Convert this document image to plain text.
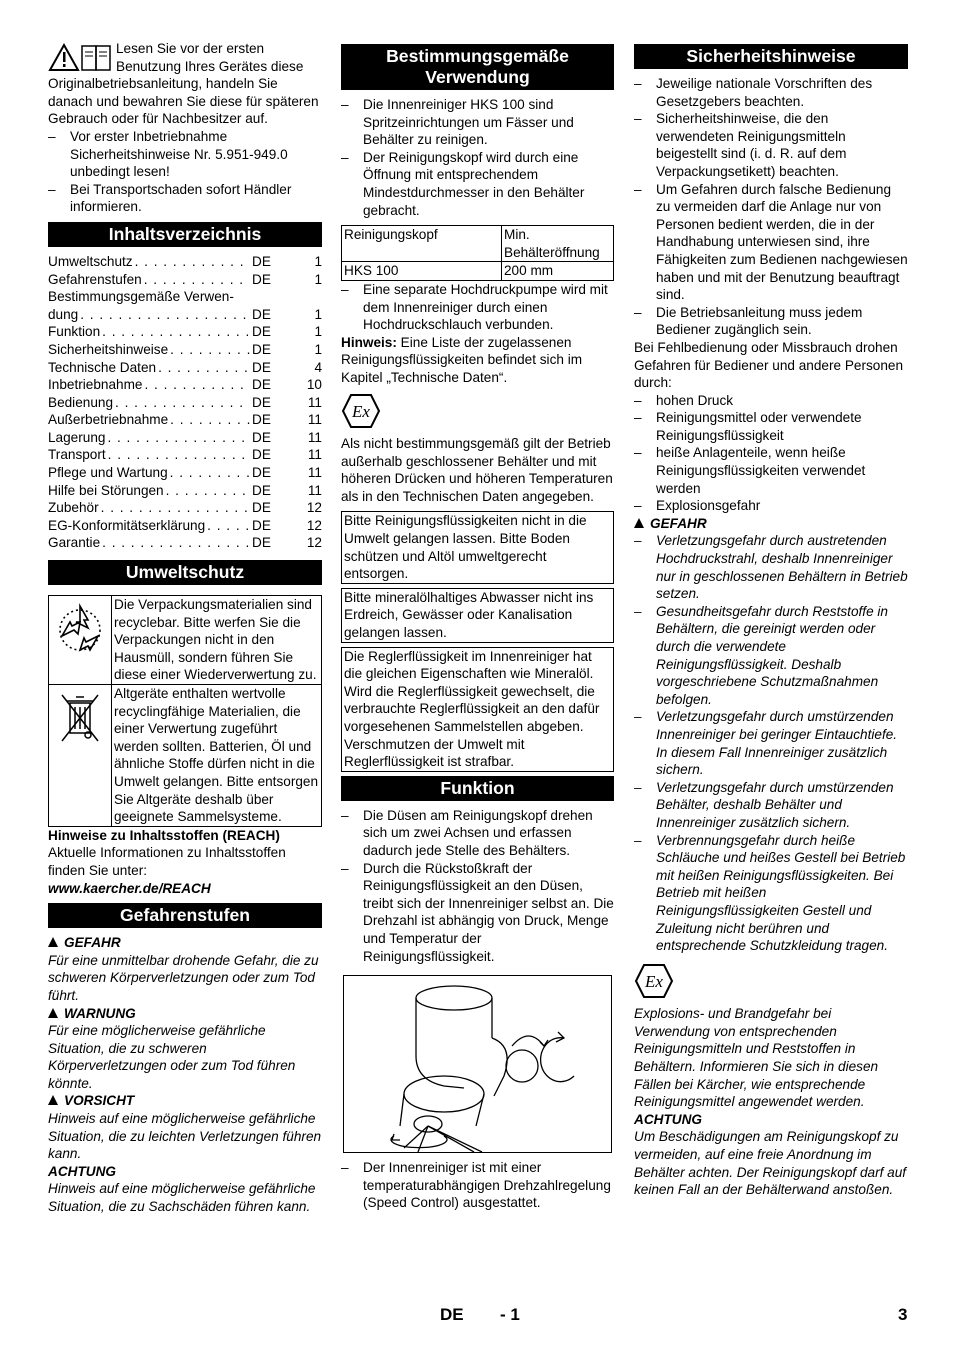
Lesen Sie vor der ersten Benutzung Ihres Gerätes diese Originalbetriebsanleitung, handeln Sie danach und bewahren Sie diese für späteren Gebrauch oder für Nachbesitzer auf.

– Vor erster Inbetriebnahme Sicherheitshinweise Nr. 5.951-949.0 unbedingt lesen!
– Bei Transportschaden sofort Händler informieren.
Inhaltsverzeichnis
Umweltschutz . . .	DE	1
Gefahrenstufen . . .	DE	1
Bestimmungsgemäße Verwen-
dung . . .	DE	1
Funktion . . .	DE	1
Sicherheitshinweise . . .	DE	1
Technische Daten . . .	DE	4
Inbetriebnahme . . .	DE	10
Bedienung . . .	DE	11
Außerbetriebnahme . . .	DE	11
Lagerung . . .	DE	11
Transport . . .	DE	11
Pflege und Wartung . . .	DE	11
Hilfe bei Störungen . . .	DE	11
Zubehör . . .	DE	12
EG-Konformitätserklärung . . .	DE	12
Garantie . . .	DE	12
Umweltschutz
Die Verpackungsmaterialien sind recyclebar. Bitte werfen Sie die Verpackungen nicht in den Hausmüll, sondern führen Sie diese einer Wiederverwertung zu.
Altgeräte enthalten wertvolle recyclingfähige Materialien, die einer Verwertung zugeführt werden sollten. Batterien, Öl und ähnliche Stoffe dürfen nicht in die Umwelt gelangen. Bitte entsorgen Sie Altgeräte deshalb über geeignete Sammelsysteme.

Hinweise zu Inhaltsstoffen (REACH)

Aktuelle Informationen zu Inhaltsstoffen finden Sie unter:

www.kaercher.de/REACH

Gefahrenstufen

GEFAHR

Für eine unmittelbar drohende Gefahr, die zu schweren Körperverletzungen oder zum Tod führt.

WARNUNG

Für eine möglicherweise gefährliche Situation, die zu schweren Körperverletzungen oder zum Tod führen könnte.

VORSICHT

Hinweis auf eine möglicherweise gefährliche Situation, die zu leichten Verletzungen führen kann.

ACHTUNG

Hinweis auf eine möglicherweise gefährliche Situation, die zu Sachschäden führen kann.

Bestimmungsgemäße
Verwendung
– Die Innenreiniger HKS 100 sind Spritzeinrichtungen um Fässer und Behälter zu reinigen.
– Der Reinigungskopf wird durch eine Öffnung mit entsprechendem Mindestdurchmesser in den Behälter gebracht.
Reinigungskopf	Min. Behälteröffnung
HKS 100	200 mm
– Eine separate Hochdruckpumpe wird mit dem Innenreiniger durch einen Hochdruckschlauch verbunden.

Hinweis: Eine Liste der zugelassenen Reinigungsflüssigkeiten befindet sich im Kapitel „Technische Daten“.

Ex

Als nicht bestimmungsgemäß gilt der Betrieb außerhalb geschlossener Behälter und mit höheren Drücken und höheren Temperaturen als in den Technischen Daten angegeben.

Bitte Reinigungsflüssigkeiten nicht in die Umwelt gelangen lassen. Bitte Boden schützen und Altöl umweltgerecht entsorgen.
Bitte mineralölhaltiges Abwasser nicht ins Erdreich, Gewässer oder Kanalisation gelangen lassen.
Die Reglerflüssigkeit im Innenreiniger hat die gleichen Eigenschaften wie Mineralöl. Wird die Reglerflüssigkeit gewechselt, die verbrauchte Reglerflüssigkeit an den dafür vorgesehenen Sammelstellen abgeben. Verschmutzen der Umwelt mit Reglerflüssigkeit ist strafbar.
Funktion
– Die Düsen am Reinigungskopf drehen sich um zwei Achsen und erfassen dadurch jede Stelle des Behälters.
– Durch die Rückstoßkraft der Reinigungsflüssigkeit an den Düsen, treibt sich der Innenreiniger selbst an. Die Drehzahl ist abhängig von Druck, Menge und Temperatur der Reinigungsflüssigkeit.
– Der Innenreiniger ist mit einer temperaturabhängigen Drehzahlregelung (Speed Control) ausgestattet.
Sicherheitshinweise
– Jeweilige nationale Vorschriften des Gesetzgebers beachten.
– Sicherheitshinweise, die den verwendeten Reinigungsmitteln beigestellt sind (i. d. R. auf dem Verpackungsetikett) beachten.
– Um Gefahren durch falsche Bedienung zu vermeiden darf die Anlage nur von Personen bedient werden, die in der Handhabung unterwiesen sind, ihre Fähigkeiten zum Bedienen nachgewiesen haben und mit der Benutzung beauftragt sind.
– Die Betriebsanleitung muss jedem Bediener zugänglich sein.

Bei Fehlbedienung oder Missbrauch drohen Gefahren für Bediener und andere Personen durch:

– hohen Druck
– Reinigungsmittel oder verwendete Reinigungsflüssigkeit
– heiße Anlagenteile, wenn heiße Reinigungsflüssigkeiten verwendet werden
– Explosionsgefahr

GEFAHR

– Verletzungsgefahr durch austretenden Hochdruckstrahl, deshalb Innenreiniger nur in geschlossenen Behältern in Betrieb setzen.
– Gesundheitsgefahr durch Reststoffe in Behältern, die gereinigt werden oder durch die verwendete Reinigungsflüssigkeit. Deshalb vorgeschriebene Schutzmaßnahmen befolgen.
– Verletzungsgefahr durch umstürzenden Innenreiniger bei geringer Eintauchtiefe. In diesem Fall Innenreiniger zusätzlich sichern.
– Verletzungsgefahr durch umstürzenden Behälter, deshalb Behälter und Innenreiniger zusätzlich sichern.
– Verbrennungsgefahr durch heiße Schläuche und heißes Gestell bei Betrieb mit heißen Reinigungsflüssigkeiten. Bei Betrieb mit heißen Reinigungsflüssigkeiten Gestell und Zuleitung nicht berühren und entsprechende Schutzkleidung tragen.
Ex

Explosions- und Brandgefahr bei Verwendung von entsprechenden Reinigungsmitteln und Reststoffen in Behältern. Informieren Sie sich in diesen Fällen bei Kärcher, wie entsprechende Reinigungsmittel angewendet werden.

ACHTUNG

Um Beschädigungen am Reinigungskopf zu vermeiden, auf eine freie Anordnung im Behälter achten. Der Reinigungskopf darf auf keinen Fall an der Behälterwand anstoßen.

DE - 1	3
